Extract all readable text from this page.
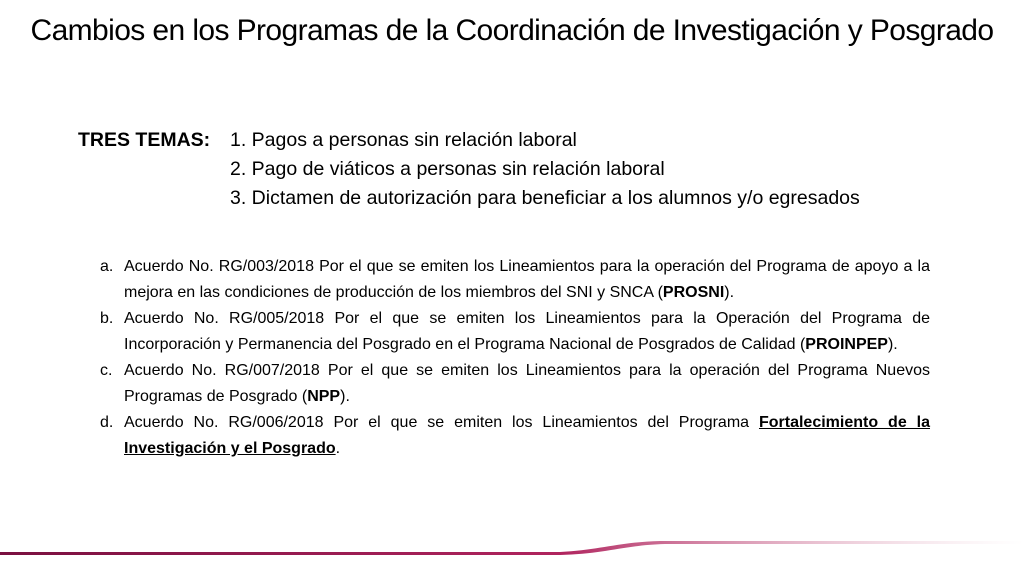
Cambios en los Programas de la Coordinación de Investigación y Posgrado
TRES TEMAS:	1. Pagos a personas sin relación laboral
2. Pago de viáticos a personas sin relación laboral
3. Dictamen de autorización para beneficiar a los alumnos y/o egresados
a. Acuerdo No. RG/003/2018 Por el que se emiten los Lineamientos para la operación del Programa de apoyo a la mejora en las condiciones de producción de los miembros del SNI y SNCA (PROSNI).
b. Acuerdo No. RG/005/2018 Por el que se emiten los Lineamientos para la Operación del Programa de Incorporación y Permanencia del Posgrado en el Programa Nacional de Posgrados de Calidad (PROINPEP).
c. Acuerdo No. RG/007/2018 Por el que se emiten los Lineamientos para la operación del Programa Nuevos Programas de Posgrado (NPP).
d. Acuerdo No. RG/006/2018 Por el que se emiten los Lineamientos del Programa Fortalecimiento de la Investigación y el Posgrado.
